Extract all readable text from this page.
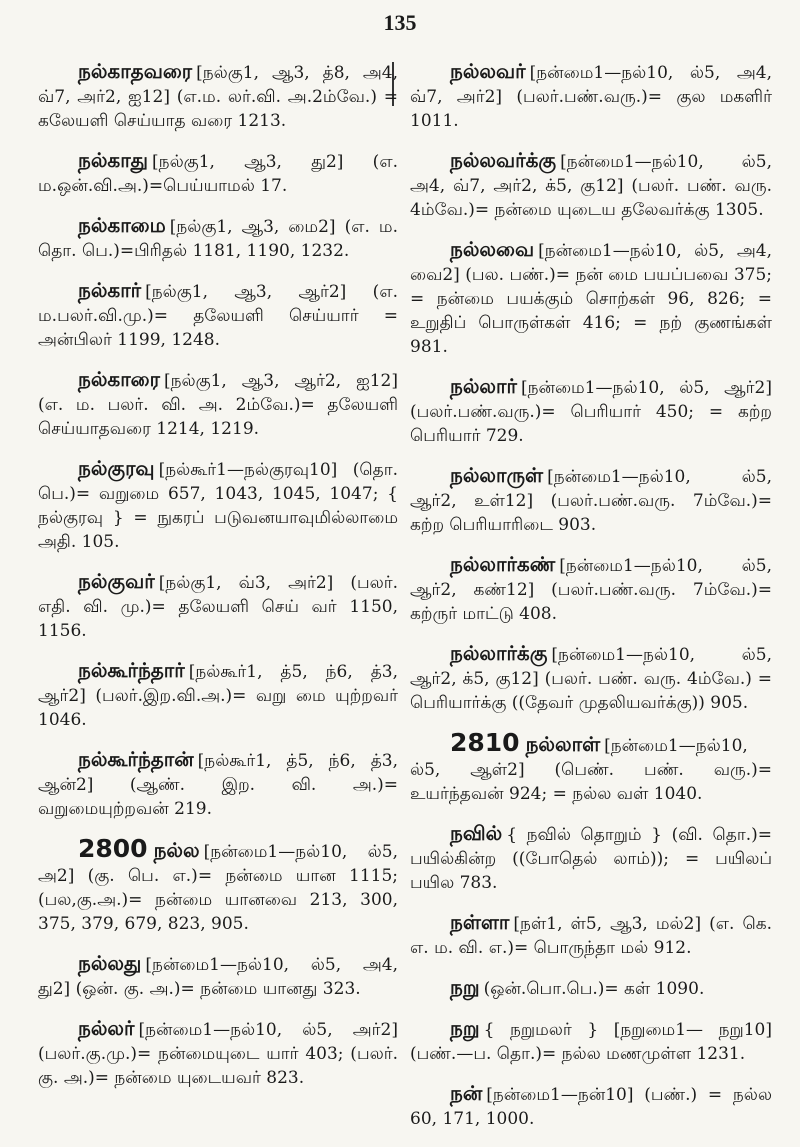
135

நல்காதவரை [நல்கு1, ஆ3, த்8, அ4, வ்7, அர்2, ஐ12] (எ.ம. லர்.வி. அ.2ம்வே.) = கலேயளி செய்யாத வரை 1213.

நல்காது [நல்கு1, ஆ3, து2] (எ. ம.ஒன்.வி.அ.)=பெய்யாமல் 17.

நல்காமை [நல்கு1, ஆ3, மை2] (எ. ம. தொ. பெ.)=பிரிதல் 1181, 1190, 1232.

நல்கார் [நல்கு1, ஆ3, ஆர்2] (எ. ம.பலர்.வி.மு.)= தலேயளி செய்யார் = அன்பிலர் 1199, 1248.

நல்காரை [நல்கு1, ஆ3, ஆர்2, ஐ12] (எ. ம. பலர். வி. அ. 2ம்வே.)= தலேயளி செய்யாதவரை 1214, 1219.

நல்குரவு [நல்கூர்1—நல்குரவு10] (தொ. பெ.)= வறுமை 657, 1043, 1045, 1047; { நல்குரவு } = நுகரப் படுவனயாவுமில்லாமை அதி. 105.

நல்குவர் [நல்கு1, வ்3, அர்2] (பலர். எதி. வி. மு.)= தலேயளி செய் வர் 1150, 1156.

நல்கூர்ந்தார் [நல்கூர்1, த்5, ந்6, த்3, ஆர்2] (பலர்.இற.வி.அ.)= வறு மை யுற்றவர் 1046.

நல்கூர்ந்தான் [நல்கூர்1, த்5, ந்6, த்3, ஆன்2] (ஆண். இற. வி. அ.)= வறுமையுற்றவன் 219.

2800 நல்ல [நன்மை1—நல்10, ல்5, அ2] (கு. பெ. எ.)= நன்மை யான 1115; (பல,கு.அ.)= நன்மை யானவை 213, 300, 375, 379, 679, 823, 905.

நல்லது [நன்மை1—நல்10, ல்5, அ4, து2] (ஒன். கு. அ.)= நன்மை யானது 323.

நல்லர் [நன்மை1—நல்10, ல்5, அர்2] (பலர்.கு.மு.)= நன்மையுடை யார் 403; (பலர். கு. அ.)= நன்மை யுடையவர் 823.

நல்லவர் [நன்மை1—நல்10, ல்5, அ4, வ்7, அர்2] (பலர்.பண்.வரு.)= குல மகளிர் 1011.

நல்லவர்க்கு [நன்மை1—நல்10, ல்5, அ4, வ்7, அர்2, க்5, கு12] (பலர். பண். வரு. 4ம்வே.)= நன்மை யுடைய தலேவர்க்கு 1305.

நல்லவை [நன்மை1—நல்10, ல்5, அ4, வை2] (பல. பண்.)= நன் மை பயப்பவை 375; = நன்மை பயக்கும் சொற்கள் 96, 826; = உறுதிப் பொருள்கள் 416; = நற் குணங்கள் 981.

நல்லார் [நன்மை1—நல்10, ல்5, ஆர்2] (பலர்.பண்.வரு.)= பெரியார் 450; = கற்ற பெரியார் 729.

நல்லாருள் [நன்மை1—நல்10, ல்5, ஆர்2, உள்12] (பலர்.பண்.வரு. 7ம்வே.)= கற்ற பெரியாரிடை 903.

நல்லார்கண் [நன்மை1—நல்10, ல்5, ஆர்2, கண்12] (பலர்.பண்.வரு. 7ம்வே.)= கற்ருர் மாட்டு 408.

நல்லார்க்கு [நன்மை1—நல்10, ல்5, ஆர்2, க்5, கு12] (பலர். பண். வரு. 4ம்வே.) = பெரியார்க்கு ((தேவர் முதலியவர்க்கு)) 905.

2810 நல்லாள் [நன்மை1—நல்10, ல்5, ஆள்2] (பெண். பண். வரு.)= உயர்ந்தவன் 924; = நல்ல வள் 1040.

நவில் { நவில் தொறும் } (வி. தொ.)= பயில்கின்ற ((போதெல் லாம்)); = பயிலப் பயில 783.

நள்ளா [நள்1, ள்5, ஆ3, மல்2] (எ. கெ. எ. ம. வி. எ.)= பொருந்தா மல் 912.

நறு (ஒன்.பொ.பெ.)= கள் 1090.

நறு { நறுமலர் } [நறுமை1— நறு10] (பண்.—ப. தொ.)= நல்ல மணமுள்ள 1231.

நன் [நன்மை1—நன்10] (பண்.) = நல்ல 60, 171, 1000.
